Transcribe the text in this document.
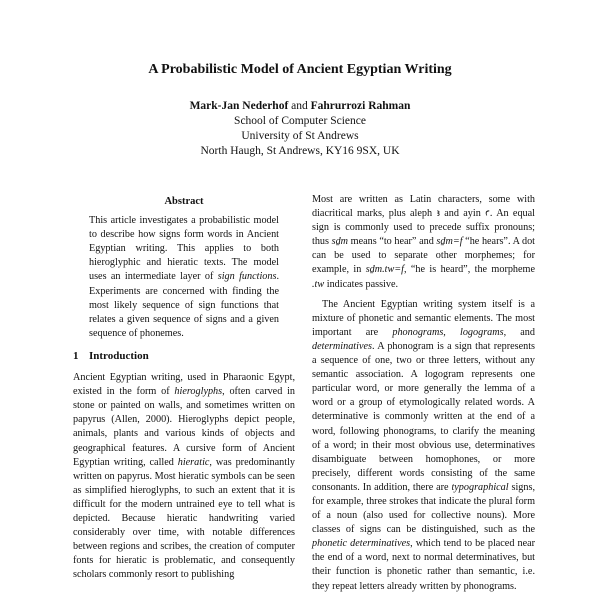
A Probabilistic Model of Ancient Egyptian Writing
Mark-Jan Nederhof and Fahrurrozi Rahman
School of Computer Science
University of St Andrews
North Haugh, St Andrews, KY16 9SX, UK
Abstract

This article investigates a probabilistic model to describe how signs form words in Ancient Egyptian writing. This applies to both hieroglyphic and hieratic texts. The model uses an intermediate layer of sign functions. Experiments are concerned with finding the most likely sequence of sign functions that relates a given sequence of signs and a given sequence of phonemes.

1 Introduction

Ancient Egyptian writing, used in Pharaonic Egypt, existed in the form of hieroglyphs, often carved in stone or painted on walls, and sometimes written on papyrus (Allen, 2000). Hieroglyphs depict people, animals, plants and various kinds of objects and geographical features. A cursive form of Ancient Egyptian writing, called hieratic, was predominantly written on papyrus. Most hieratic symbols can be seen as simplified hieroglyphs, to such an extent that it is difficult for the modern untrained eye to tell what is depicted. Because hieratic handwriting varied considerably over time, with notable differences between regions and scribes, the creation of computer fonts for hieratic is problematic, and consequently scholars commonly resort to publishing

Most are written as Latin characters, some with diacritical marks, plus aleph ꜣ and ayin ꜥ. An equal sign is commonly used to precede suffix pronouns; thus sḏm means “to hear” and sḏm=f “he hears”. A dot can be used to separate other morphemes; for example, in sḏm.tw=f, “he is heard”, the morpheme .tw indicates passive.

The Ancient Egyptian writing system itself is a mixture of phonetic and semantic elements. The most important are phonograms, logograms, and determinatives. A phonogram is a sign that represents a sequence of one, two or three letters, without any semantic association. A logogram represents one particular word, or more generally the lemma of a word or a group of etymologically related words. A determinative is commonly written at the end of a word, following phonograms, to clarify the meaning of a word; in their most obvious use, determinatives disambiguate between homophones, or more precisely, different words consisting of the same consonants. In addition, there are typographical signs, for example, three strokes that indicate the plural form of a noun (also used for collective nouns). More classes of signs can be distinguished, such as the phonetic determinatives, which tend to be placed near the end of a word, next to normal determinatives, but their function is phonetic rather than semantic, i.e. they repeat letters already written by phonograms.
